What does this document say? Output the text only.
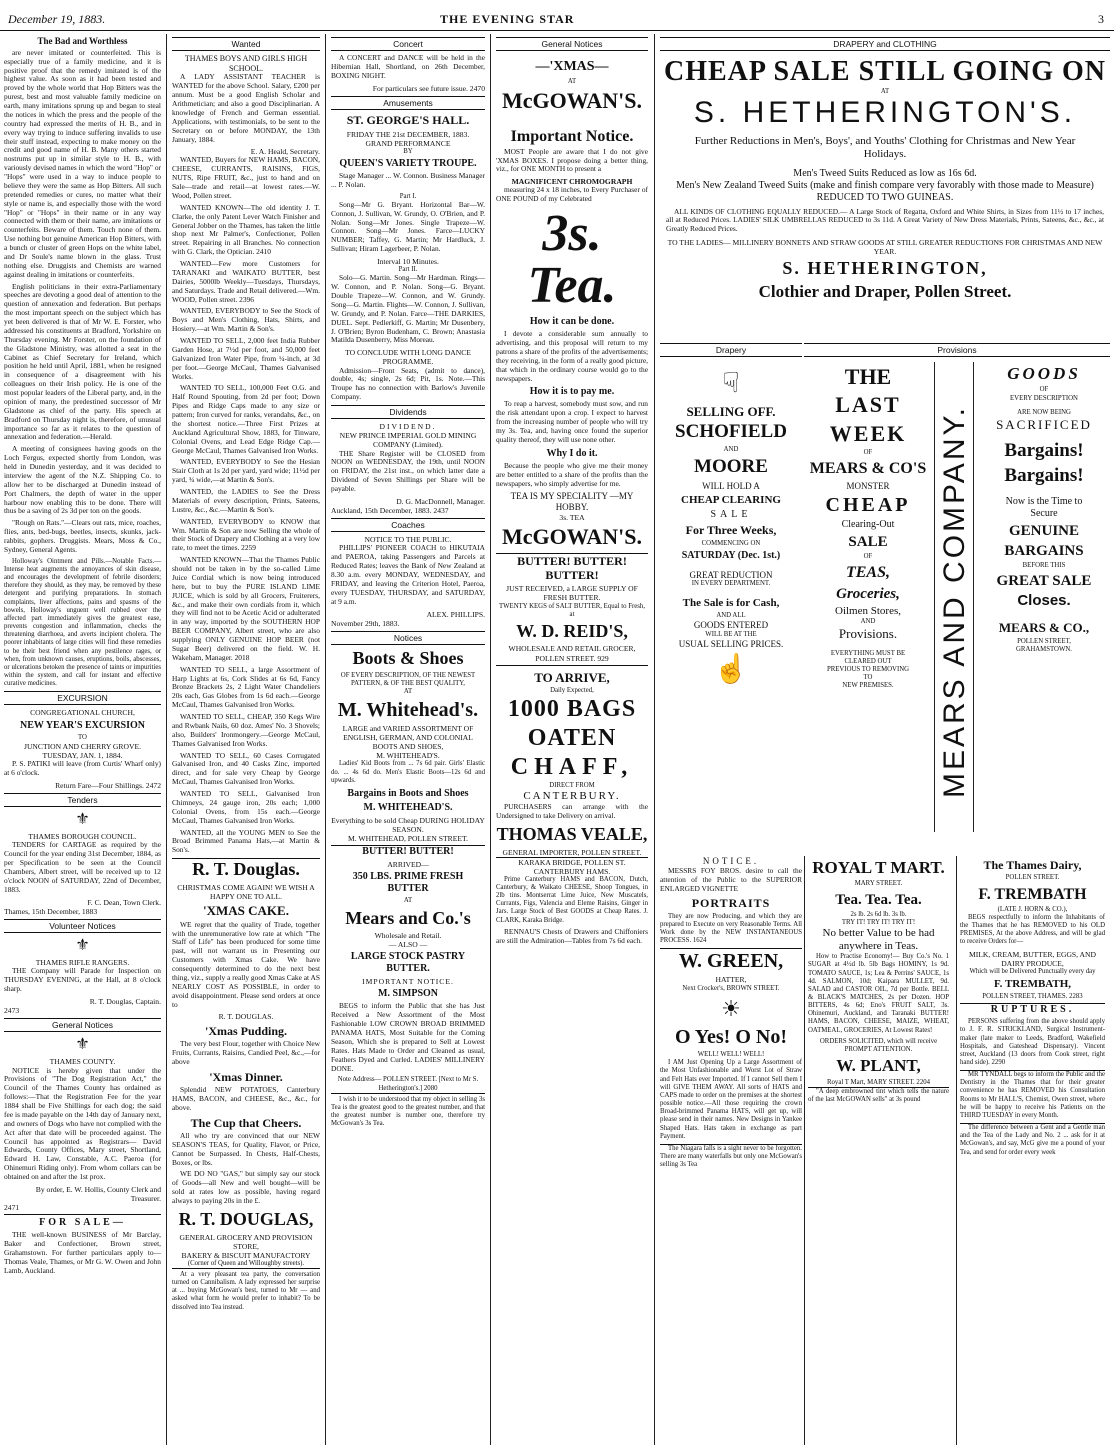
December 19, 1883.	THE EVENING STAR	3
The Bad and Worthless
are never imitated or counterfeited. This is especially true of a family medicine, and it is positive proof that the remedy imitated is of the highest value. As soon as it had been tested and proved by the whole world that Hop Bitters was the purest, best and most valuable family medicine on earth, many imitations sprung up and began to steal the notices in which the press and the people of the country had expressed the merits of H. B., and in every way trying to induce suffering invalids to use their stuff instead, expecting to make money on the credit and good name of H. B. Many others started nostrums put up in similar style to H. B., with variously devised names in which the word "Hop" or "Hops" were used in a way to induce people to believe they were the same as Hop Bitters. All such pretended remedies or cures, no matter what their style or name is, and especially those with the word "Hop" or "Hops" in their name or in any way connected with them or their name, are imitations or counterfeits. Beware of them. Touch none of them. Use nothing but genuine American Hop Bitters, with a bunch or cluster of green Hops on the white label, and Dr Soule's name blown in the glass. Trust nothing else. Druggists and Chemists are warned against dealing in imitations or counterfeits.
English politicians in their extra-Parliamentary speeches are devoting a good deal of attention to the question of annexation and federation. But perhaps the most important speech on the subject which has yet been delivered is that of Mr W. E. Forster, who addressed his constituents at Bradford, Yorkshire on Thursday evening. Mr Forster, on the foundation of the Gladstone Ministry, was allotted a seat in the Cabinet as Chief Secretary for Ireland, which position he held until April, 1881, when he resigned in consequence of a disagreement with his colleagues on their Irish policy. He is one of the most popular leaders of the Liberal party, and, in the opinion of many, the predestined successor of Mr Gladstone as chief of the party. His speech at Bradford on Thursday night is, therefore, of unusual importance so far as it relates to the question of annexation and federation.—Herald.
A meeting of consignees having goods on the Loch Fergus, expected shortly from London, was held in Dunedin yesterday, and it was decided to interview the agent of the N.Z. Shipping Co. to allow her to be discharged at Dunedin instead of Port Chalmers, the depth of water in the upper harbour now enabling this to be done. There will thus be a saving of 2s 3d per ton on the goods.
"Rough on Rats."—Clears out rats, mice, roaches, flies, ants, bed-bugs, beetles, insects, skunks, jack-rabbits, gophers. Druggists. Mears, Moss & Co., Sydney, General Agents.
Holloway's Ointment and Pills.—Notable Facts.—Intense heat augments the annoyances of skin disease, and encourages the development of febrile disorders; therefore they should, as they may, be removed by these detergent and purifying preparations. In stomach complaints, liver affections, pains and spasms of the bowels, Holloway's unguent well rubbed over the affected part immediately gives the greatest ease, prevents congestion and inflammation, checks the threatening diarrhoea, and averts incipient cholera. The poorer inhabitants of large cities will find these remedies to be their best friend when any pestilence rages, or when, from unknown causes, eruptions, boils, abscesses, or ulcerations betoken the presence of taints or impurities within the system, and call for instant and effective curative medicines.
EXCURSION
CONGREGATIONAL CHURCH,
NEW YEAR'S EXCURSION
TO
JUNCTION AND CHERRY GROVE.
TUESDAY, JAN. 1, 1884.
P. S. PATIKI will leave (from Curtis' Wharf only) at 6 o'clock.
Return Fare—Four Shillings. 2472
Tenders
⚜
THAMES BOROUGH COUNCIL.
TENDERS for CARTAGE as required by the Council for the year ending 31st December, 1884, as per Specification to be seen at the Council Chambers, Albert street, will be received up to 12 o'clock NOON of SATURDAY, 22nd of December, 1883.
F. C. Dean, Town Clerk.
Thames, 15th December, 1883
Volunteer Notices
⚜
THAMES RIFLE RANGERS.
THE Company will Parade for Inspection on THURSDAY EVENING, at the Hall, at 8 o'clock sharp.
R. T. Douglas, Captain.
2473
General Notices
⚜
THAMES COUNTY.
NOTICE is hereby given that under the Provisions of "The Dog Registration Act," the Council of the Thames County has ordained as follows:—That the Registration Fee for the year 1884 shall be Five Shillings for each dog; the said fee is made payable on the 14th day of January next, and owners of Dogs who have not complied with the Act after that date will be proceeded against. The Council has appointed as Registrars— David Edwards, County Offices, Mary street, Shortland, Edward H. Law, Constable, A.C. Paeroa (for Ohinemuri Riding only). From whom collars can be obtained on and after the 1st prox.
By order, E. W. Hollis, County Clerk and Treasurer.
2471
FOR SALE—
THE well-known BUSINESS of Mr Barclay, Baker and Confectioner, Brown street, Grahamstown. For further particulars apply to— Thomas Veale, Thames, or Mr G. W. Owen and John Lamb, Auckland.
Wanted
THAMES BOYS AND GIRLS HIGH SCHOOL.
A LADY ASSISTANT TEACHER is WANTED for the above School. Salary, £200 per annum. Must be a good English Scholar and Arithmetician; and also a good Disciplinarian. A knowledge of French and German essential. Applications, with testimonials, to be sent to the Secretary on or before MONDAY, the 13th January, 1884.
E. A. Heald, Secretary.
WANTED, Buyers for NEW HAMS, BACON, CHEESE, CURRANTS, RAISINS, FIGS, NUTS, Ripe FRUIT, &c., just to hand and on Sale—trade and retail—at lowest rates.—W. Wood, Pollen street.
WANTED KNOWN—The old identity J. T. Clarke, the only Patent Lever Watch Finisher and General Jobber on the Thames, has taken the little shop next Mr Palmer's, Confectioner, Pollen street. Repairing in all Branches. No connection with G. Clark, the Optician. 2410
WANTED—Few more Customers for TARANAKI and WAIKATO BUTTER, best Dairies, 5000lb Weekly—Tuesdays, Thursdays, and Saturdays. Trade and Retail delivered.—Wm. WOOD, Pollen street. 2396
WANTED, EVERYBODY to See the Stock of Boys and Men's Clothing, Hats, Shirts, and Hosiery.—at Wm. Martin & Son's.
WANTED TO SELL, 2,000 feet India Rubber Garden Hose, at 7½d per foot, and 50,000 feet Galvanized Iron Water Pipe, from ¼-inch, at 3d per foot.—George McCaul, Thames Galvanised Works.
WANTED TO SELL, 100,000 Feet O.G. and Half Round Spouting, from 2d per foot; Down Pipes and Ridge Caps made to any size or pattern; Iron curved for ranks, verandahs, &c., on the shortest notice.—Three First Prizes at Auckland Agricultural Show, 1883, for Tinware, Colonial Ovens, and Lead Edge Ridge Cap.—George McCaul, Thames Galvanised Iron Works.
WANTED, EVERYBODY to See the Hesian Stair Cloth at 1s 2d per yard, yard wide; 11½d per yard, ¾ wide,—at Martin & Son's.
WANTED, the LADIES to See the Dress Materials of every description, Prints, Sateens, Lustre, &c., &c.—Martin & Son's.
WANTED, EVERYBODY to KNOW that Wm. Martin & Son are now Selling the whole of their Stock of Drapery and Clothing at a very low rate, to meet the times. 2259
WANTED KNOWN—That the Thames Public should not be taken in by the so-called Lime Juice Cordial which is now being introduced here, but to buy the PURE ISLAND LIME JUICE, which is sold by all Grocers, Fruiterers, &c., and make their own cordials from it, which they will find not to be Acetic Acid or adulterated in any way, imported by the SOUTHERN HOP BEER COMPANY, Albert street, who are also supplying ONLY GENUINE HOP BEER (not Sugar Beer) delivered on the field. W. H. Wakeham, Manager. 2018
WANTED TO SELL, a large Assortment of Harp Lights at 6s, Cork Slides at 6s 6d, Fancy Bronze Brackets 2s, 2 Light Water Chandeliers 20s each, Gas Globes from 1s 6d each.—George McCaul, Thames Galvanised Iron Works.
WANTED TO SELL, CHEAP, 350 Kegs Wire and Rwbank Nails, 60 doz. Ames' No. 3 Shovels; also, Builders' Ironmongery.—George McCaul, Thames Galvanised Iron Works.
WANTED TO SELL, 60 Cases Corrugated Galvanised Iron, and 40 Casks Zinc, imported direct, and for sale very Cheap by George McCaul, Thames Galvanised Iron Works.
WANTED TO SELL, Galvanised Iron Chimneys, 24 gauge iron, 20s each; 1,000 Colonial Ovens, from 15s each.—George McCaul, Thames Galvanised Iron Works.
WANTED, all the YOUNG MEN to See the Broad Brimmed Panama Hats,—at Martin & Son's.
R. T. Douglas.
CHRISTMAS COME AGAIN! WE WISH A HAPPY ONE TO ALL.
'XMAS CAKE.
WE regret that the quality of Trade, together with the unremunerative low rate at which "The Staff of Life" has been produced for some time past, will not warrant us in Presenting our Customers with Xmas Cake. We have consequently determined to do the next best thing, viz., supply a really good Xmas Cake at AS NEARLY COST AS POSSIBLE, in order to avoid disappointment. Please send orders at once to
R. T. DOUGLAS.
'Xmas Pudding.
The very best Flour, together with Choice New Fruits, Currants, Raisins, Candied Peel, &c.,—for above
'Xmas Dinner.
Splendid NEW POTATOES, Canterbury HAMS, BACON, and CHEESE, &c., &c., for above.
The Cup that Cheers.
All who try are convinced that our NEW SEASON'S TEAS, for Quality, Flavor, or Price, Cannot be Surpassed. In Chests, Half-Chests, Boxes, or lbs.
WE DO NO "GAS," but simply say our stock of Goods—all New and well bought—will be sold at rates low as possible, having regard always to paying 20s in the £.
R. T. DOUGLAS,
GENERAL GROCERY AND PROVISION STORE,
BAKERY & BISCUIT MANUFACTORY
(Corner of Queen and Willoughby streets).
At a very pleasant tea party, the conversation turned on Cannibalism. A lady expressed her surprise at ... buying McGowan's best, turned to Mr — and asked what form he would prefer to inhabit? To be dissolved into Tea instead.
Concert
A CONCERT and DANCE will be held in the Hibernian Hall, Shortland, on 26th December, BOXING NIGHT.
For particulars see future issue. 2470
Amusements
ST. GEORGE'S HALL.
FRIDAY THE 21st DECEMBER, 1883.
GRAND PERFORMANCE
BY
QUEEN'S VARIETY TROUPE.
Stage Manager ... W. Connon. Business Manager ... P. Nolan.
Part I.
Song—Mr G. Bryant. Horizontal Bar—W. Connon, J. Sullivan, W. Grundy, O. O'Brien, and P. Nolan. Song—Mr Jones. Single Trapeze—W. Connon. Song—Mr Jones. Farce—LUCKY NUMBER; Taffey, G. Martin; Mr Hardluck, J. Sullivan; Hiram Lagerbeer, P. Nolan.
Interval 10 Minutes.
Part II.
Solo—G. Martin. Song—Mr Hardman. Rings—W. Connon, and P. Nolan. Song—G. Bryant. Double Trapeze—W. Connon, and W. Grundy. Song—G. Martin. Flights—W. Connon, J. Sullivan, W. Grundy, and P. Nolan. Farce—THE DARKIES, DUEL. Sept. Pedlerkiff, G. Martin; Mr Dusenbery, J. O'Brien; Byron Budenham, C. Brown; Anastasia Matilda Dusenberry, Miss Moreau.
TO CONCLUDE WITH LONG DANCE PROGRAMME.
Admission—Front Seats, (admit to dance), double, 4s; single, 2s 6d; Pit, 1s. Note.—This Troupe has no connection with Barlow's Juvenile Company.
Dividends
DIVIDEND.
NEW PRINCE IMPERIAL GOLD MINING COMPANY (Limited).
THE Share Register will be CLOSED from NOON on WEDNESDAY, the 19th, until NOON on FRIDAY, the 21st inst., on which latter date a Dividend of Seven Shillings per Share will be payable.
D. G. MacDonnell, Manager.
Auckland, 15th December, 1883. 2437
Coaches
NOTICE TO THE PUBLIC.
PHILLIPS' PIONEER COACH to HIKUTAIA and PAEROA, taking Passengers and Parcels at Reduced Rates; leaves the Bank of New Zealand at 8.30 a.m. every MONDAY, WEDNESDAY, and FRIDAY, and leaving the Criterion Hotel, Paeroa, every TUESDAY, THURSDAY, and SATURDAY, at 9 a.m.
ALEX. PHILLIPS.
November 29th, 1883.
Notices
Boots & Shoes
OF EVERY DESCRIPTION, OF THE NEWEST PATTERN, & OF THE BEST QUALITY,
AT
M. Whitehead's.
LARGE and VARIED ASSORTMENT OF ENGLISH, GERMAN, AND COLONIAL BOOTS AND SHOES,
M. WHITEHEAD'S.
Ladies' Kid Boots from ... 7s 6d pair. Girls' Elastic do. ... 4s 6d do. Men's Elastic Boots—12s 6d and upwards.
Bargains in Boots and Shoes
M. WHITEHEAD'S.
Everything to be sold Cheap DURING HOLIDAY SEASON.
M. WHITEHEAD, POLLEN STREET.
BUTTER! BUTTER!
ARRIVED—
350 LBS. PRIME FRESH BUTTER
AT
Mears and Co.'s
Wholesale and Retail.
— ALSO —
LARGE STOCK PASTRY BUTTER.
IMPORTANT NOTICE.
M. SIMPSON
BEGS to inform the Public that she has Just Received a New Assortment of the Most Fashionable LOW CROWN BROAD BRIMMED PANAMA HATS, Most Suitable for the Coming Season, Which she is prepared to Sell at Lowest Rates. Hats Made to Order and Cleaned as usual, Feathers Dyed and Curled. LADIES' MILLINERY DONE.
Note Address— POLLEN STREET. [Next to Mr S. Hetherington's.] 2080
I wish it to be understood that my object in selling 3s Tea is the greatest good to the greatest number, and that the greatest number is number one, therefore try McGowan's 3s Tea.
General Notices
—'XMAS—
AT
McGOWAN'S.
Important Notice.
MOST People are aware that I do not give 'XMAS BOXES. I propose doing a better thing, viz., for ONE MONTH to present a
MAGNIFICENT CHROMOGRAPH
measuring 24 x 18 inches, to Every Purchaser of ONE POUND of my Celebrated
3s. Tea.
How it can be done.
I devote a considerable sum annually to advertising, and this proposal will return to my patrons a share of the profits of the advertisements; they receiving, in the form of a really good picture, that which in the ordinary course would go to the newspapers.
How it is to pay me.
To reap a harvest, somebody must sow, and run the risk attendant upon a crop. I expect to harvest from the increasing number of people who will try my 3s. Tea, and, having once found the superior quality thereof, they will use none other.
Why I do it.
Because the people who give me their money are better entitled to a share of the profits than the newspapers, who simply advertise for me.
TEA IS MY SPECIALITY —MY HOBBY.
3s. TEA
McGOWAN'S.
BUTTER! BUTTER! BUTTER!
JUST RECEIVED, a LARGE SUPPLY OF FRESH BUTTER.
TWENTY KEGS of SALT BUTTER, Equal to Fresh, at
W. D. REID'S,
WHOLESALE AND RETAIL GROCER, POLLEN STREET. 929
TO ARRIVE,
Daily Expected,
1000 BAGS
OATEN
CHAFF,
DIRECT FROM
CANTERBURY.
PURCHASERS can arrange with the Undersigned to take Delivery on arrival.
THOMAS VEALE,
GENERAL IMPORTER, POLLEN STREET.
KARAKA BRIDGE, POLLEN ST.
CANTERBURY HAMS.
Prime Canterbury HAMS and BACON, Dutch, Canterbury, & Waikato CHEESE, Shoop Tongues, in 2lb tins. Montserrat Lime Juice, New Muscatels, Currants, Figs, Valencia and Eleme Raisins, Ginger in Jars. Large Stock of Best GOODS at Cheap Rates. J. CLARK, Karaka Bridge.
RENNAU'S Chests of Drawers and Chiffoniers are still the Admiration—Tables from 7s 6d each.
DRAPERY and CLOTHING
CHEAP SALE STILL GOING ON
AT
S. HETHERINGTON'S.
Further Reductions in Men's, Boys', and Youths' Clothing for Christmas and New Year Holidays.
Men's Tweed Suits Reduced as low as 16s 6d.
Men's New Zealand Tweed Suits (make and finish compare very favorably with those made to Measure) REDUCED TO TWO GUINEAS.
ALL KINDS OF CLOTHING EQUALLY REDUCED.— A Large Stock of Regatta, Oxford and White Shirts, in Sizes from 11½ to 17 inches, all at Reduced Prices. LADIES' SILK UMBRELLAS REDUCED to 3s 11d. A Great Variety of New Dress Materials, Prints, Sateens, &c., &c., at Greatly Reduced Prices.
TO THE LADIES— MILLINERY BONNETS AND STRAW GOODS AT STILL GREATER REDUCTIONS FOR CHRISTMAS AND NEW YEAR.
S. HETHERINGTON,
Clothier and Draper, Pollen Street.
Drapery
☟
SELLING OFF.
SCHOFIELD
AND
MOORE
WILL HOLD A
CHEAP CLEARING
SALE
For Three Weeks,
COMMENCING ON
SATURDAY (Dec. 1st.)
GREAT REDUCTION
IN EVERY DEPARTMENT.
The Sale is for Cash,
AND ALL
GOODS ENTERED
WILL BE AT THE
USUAL SELLING PRICES.
☝
Provisions
THE
LAST
WEEK
OF
MEARS & CO'S
MONSTER
CHEAP
Clearing-Out
SALE
OF
TEAS,
Groceries,
Oilmen Stores,
AND
Provisions.
EVERYTHING MUST BE
CLEARED OUT
PREVIOUS TO REMOVING
TO
NEW PREMISES.	MEARS AND COMPANY.
GOODS
OF
EVERY DESCRIPTION
ARE NOW BEING
SACRIFICED
Bargains!
Bargains!
Now is the Time to
Secure
GENUINE
BARGAINS
BEFORE THIS
GREAT SALE
Closes.
MEARS & CO.,
POLLEN STREET,
GRAHAMSTOWN.
NOTICE.
MESSRS FOY BROS. desire to call the attention of the Public to the SUPERIOR ENLARGED VIGNETTE
PORTRAITS
They are now Producing, and which they are prepared to Execute on very Reasonable Terms. All Work done by the NEW INSTANTANEOUS PROCESS. 1624
W. GREEN,
HATTER,
Next Crocker's, BROWN STREET.
☀
O Yes! O No!
WELL! WELL! WELL!
I AM Just Opening Up a Large Assortment of the Most Unfashionable and Worst Lot of Straw and Felt Hats ever Imported. If I cannot Sell them I will GIVE THEM AWAY. All sorts of HATS and CAPS made to order on the premises at the shortest possible notice.—All those requiring the crown Broad-brimmed Panama HATS, will get up, will please send in their names. New Designs in Yankee Shaped Hats. Hats taken in exchange as part Payment.
The Niagara falls is a sight never to be forgotten. There are many waterfalls but only one McGowan's selling 3s Tea
ROYAL T MART.
MARY STREET.
Tea. Tea. Tea.
2s lb. 2s 6d lb. 3s lb.
TRY IT! TRY IT! TRY IT!
No better Value to be had anywhere in Teas.
How to Practise Economy!— Buy Co.'s No. 1 SUGAR at 4½d lb. 5lb Bags HOMINY, 1s 9d. TOMATO SAUCE, 1s; Lea & Perrins' SAUCE, 1s 4d. SALMON, 10d; Kaipara MULLET, 9d. SALAD and CASTOR OIL, 7d per Bottle. BELL & BLACK'S MATCHES, 2s per Dozen. HOP BITTERS, 4s 6d; Eno's FRUIT SALT, 3s. Ohinemuri, Auckland, and Taranaki BUTTER! HAMS, BACON, CHEESE, MAIZE, WHEAT, OATMEAL, GROCERIES, At Lowest Rates!
ORDERS SOLICITED, which will receive PROMPT ATTENTION.
W. PLANT,
Royal T Mart, MARY STREET. 2204
"A deep embrowned tint which tells the nature of the last McGOWAN sells" at 3s pound
The Thames Dairy,
POLLEN STREET.
F. TREMBATH
(LATE J. HORN & CO.),
BEGS respectfully to inform the Inhabitants of the Thames that he has REMOVED to his OLD PREMISES, At the above Address, and will be glad to receive Orders for—
MILK, CREAM, BUTTER, EGGS, AND DAIRY PRODUCE,
Which will be Delivered Punctually every day
F. TREMBATH,
POLLEN STREET, THAMES. 2283
RUPTURES.
PERSONS suffering from the above should apply to J. F. R. STRICKLAND, Surgical Instrument-maker (late maker to Leeds, Bradford, Wakefield Hospitals, and Gateshead Dispensary). Vincent street, Auckland (13 doors from Cook street, right hand side). 2290
MR TYNDALL begs to inform the Public and the Dentistry in the Thames that for their greater convenience he has REMOVED his Consultation Rooms to Mr HALL'S, Chemist, Owen street, where he will be happy to receive his Patients on the THIRD TUESDAY in every Month.
The difference between a Gent and a Gentle man and the Tea of the Lady and No. 2 ... ask for it at McGowan's, and say, McG give me a pound of your Tea, and send for order every week
